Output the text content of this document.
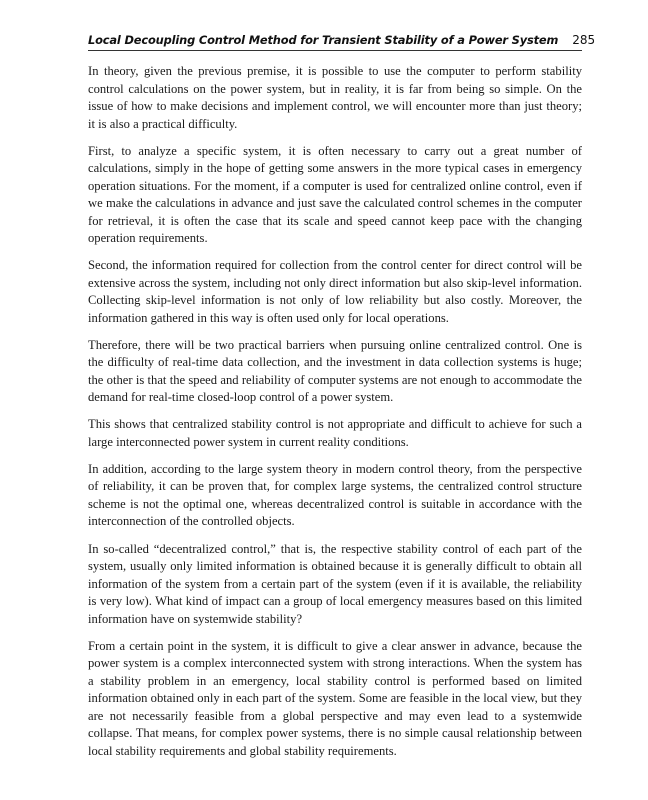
Local Decoupling Control Method for Transient Stability of a Power System 285

In theory, given the previous premise, it is possible to use the computer to perform stability control calculations on the power system, but in reality, it is far from being so simple. On the issue of how to make decisions and implement control, we will encounter more than just theory; it is also a practical difficulty.

First, to analyze a specific system, it is often necessary to carry out a great number of calculations, simply in the hope of getting some answers in the more typical cases in emergency operation situations. For the moment, if a computer is used for centralized online control, even if we make the calculations in advance and just save the calculated control schemes in the computer for retrieval, it is often the case that its scale and speed cannot keep pace with the changing operation requirements.

Second, the information required for collection from the control center for direct control will be extensive across the system, including not only direct information but also skip-level information. Collecting skip-level information is not only of low reliability but also costly. Moreover, the information gathered in this way is often used only for local operations.

Therefore, there will be two practical barriers when pursuing online centralized control. One is the difficulty of real-time data collection, and the investment in data collection systems is huge; the other is that the speed and reliability of computer systems are not enough to accommodate the demand for real-time closed-loop control of a power system.

This shows that centralized stability control is not appropriate and difficult to achieve for such a large interconnected power system in current reality conditions.

In addition, according to the large system theory in modern control theory, from the perspective of reliability, it can be proven that, for complex large systems, the centralized control structure scheme is not the optimal one, whereas decentralized control is suitable in accordance with the interconnection of the controlled objects.

In so-called “decentralized control,” that is, the respective stability control of each part of the system, usually only limited information is obtained because it is generally difficult to obtain all information of the system from a certain part of the system (even if it is available, the reliability is very low). What kind of impact can a group of local emergency measures based on this limited information have on systemwide stability?

From a certain point in the system, it is difficult to give a clear answer in advance, because the power system is a complex interconnected system with strong interactions. When the system has a stability problem in an emergency, local stability control is performed based on limited information obtained only in each part of the system. Some are feasible in the local view, but they are not necessarily feasible from a global perspective and may even lead to a systemwide collapse. That means, for complex power systems, there is no simple causal relationship between local stability requirements and global stability requirements.
